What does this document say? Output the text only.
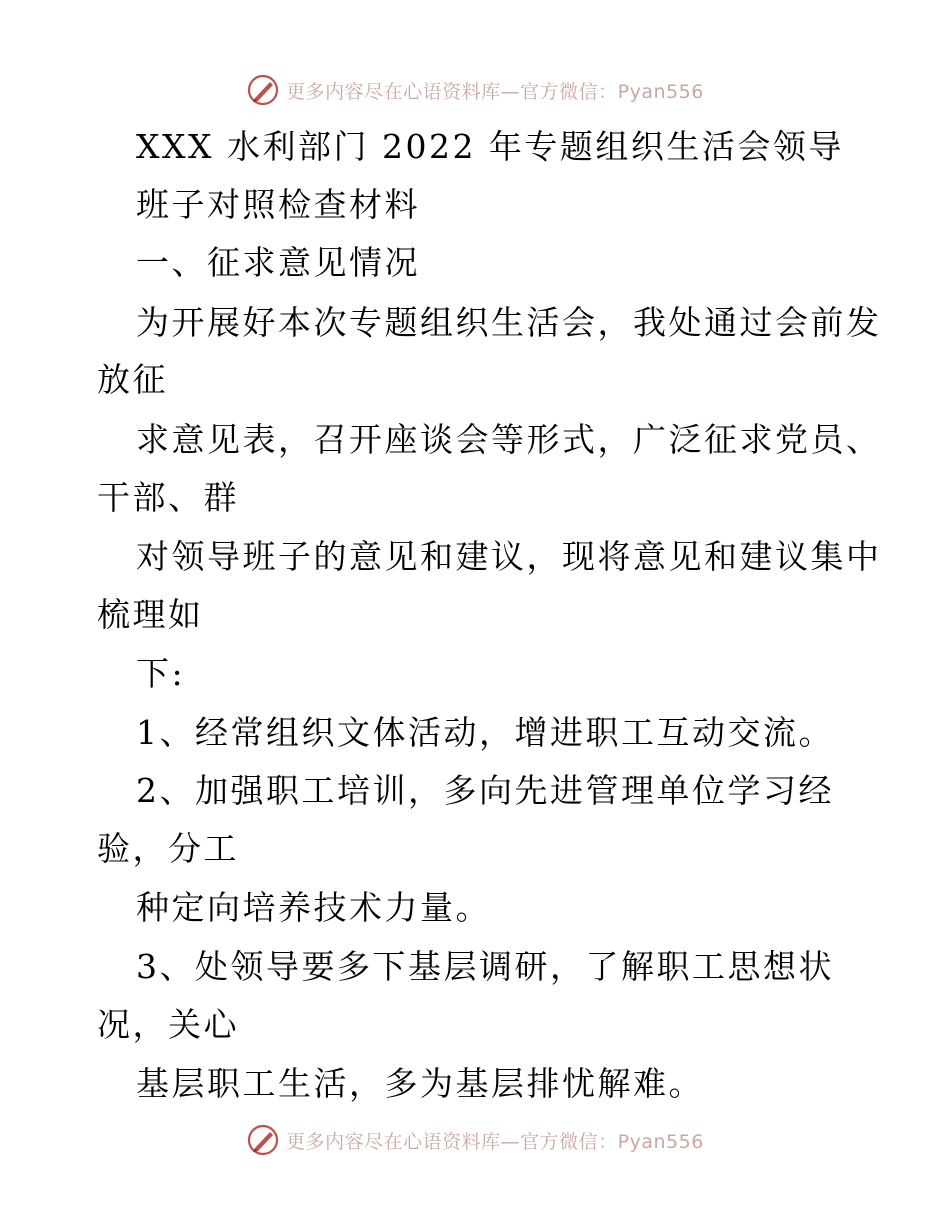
更多内容尽在心语资料库—官方微信：Pyan556
XXX 水利部门 2022 年专题组织生活会领导
班子对照检查材料
一、征求意见情况
为开展好本次专题组织生活会，我处通过会前发
放征
求意见表，召开座谈会等形式，广泛征求党员、
干部、群
对领导班子的意见和建议，现将意见和建议集中
梳理如
下:
1、经常组织文体活动，增进职工互动交流。
2、加强职工培训，多向先进管理单位学习经
验，分工
种定向培养技术力量。
3、处领导要多下基层调研，了解职工思想状
况，关心
基层职工生活，多为基层排忧解难。
更多内容尽在心语资料库—官方微信：Pyan556
